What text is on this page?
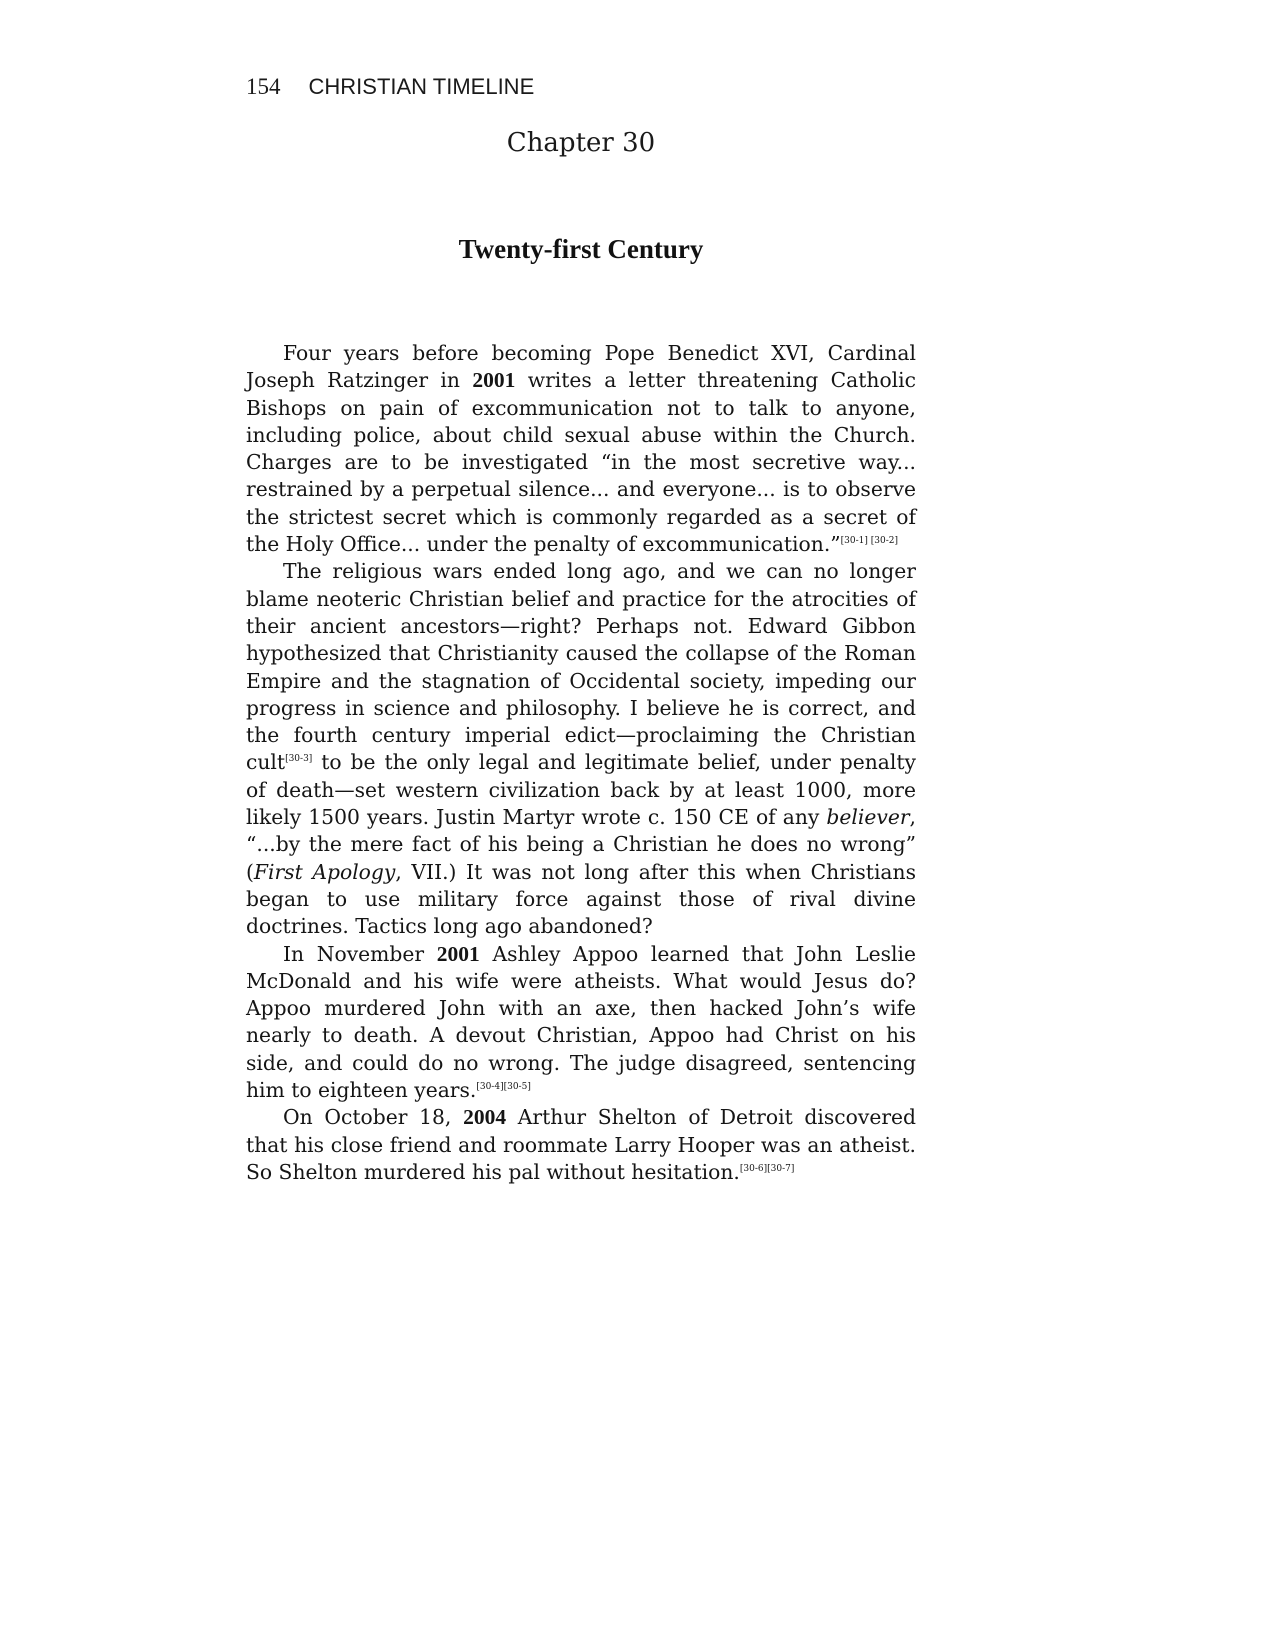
154 CHRISTIAN TIMELINE
Chapter 30
Twenty-first Century

Four years before becoming Pope Benedict XVI, Cardinal Joseph Ratzinger in 2001 writes a letter threatening Catholic Bishops on pain of excommunication not to talk to anyone, including police, about child sexual abuse within the Church. Charges are to be investigated “in the most secretive way... restrained by a perpetual silence... and everyone... is to observe the strictest secret which is commonly regarded as a secret of the Holy Office... under the penalty of excommunication.”[30-1] [30-2]

The religious wars ended long ago, and we can no longer blame neoteric Christian belief and practice for the atrocities of their ancient ancestors—right? Perhaps not. Edward Gibbon hypothesized that Christianity caused the collapse of the Roman Empire and the stagnation of Occidental society, impeding our progress in science and philosophy. I believe he is correct, and the fourth century imperial edict—proclaiming the Christian cult[30-3] to be the only legal and legitimate belief, under penalty of death—set western civilization back by at least 1000, more likely 1500 years. Justin Martyr wrote c. 150 CE of any believer, “...by the mere fact of his being a Christian he does no wrong” (First Apology, VII.) It was not long after this when Christians began to use military force against those of rival divine doctrines. Tactics long ago abandoned?

In November 2001 Ashley Appoo learned that John Leslie McDonald and his wife were atheists. What would Jesus do? Appoo murdered John with an axe, then hacked John’s wife nearly to death. A devout Christian, Appoo had Christ on his side, and could do no wrong. The judge disagreed, sentencing him to eighteen years.[30-4][30-5]

On October 18, 2004 Arthur Shelton of Detroit discovered that his close friend and roommate Larry Hooper was an atheist. So Shelton murdered his pal without hesitation.[30-6][30-7]
